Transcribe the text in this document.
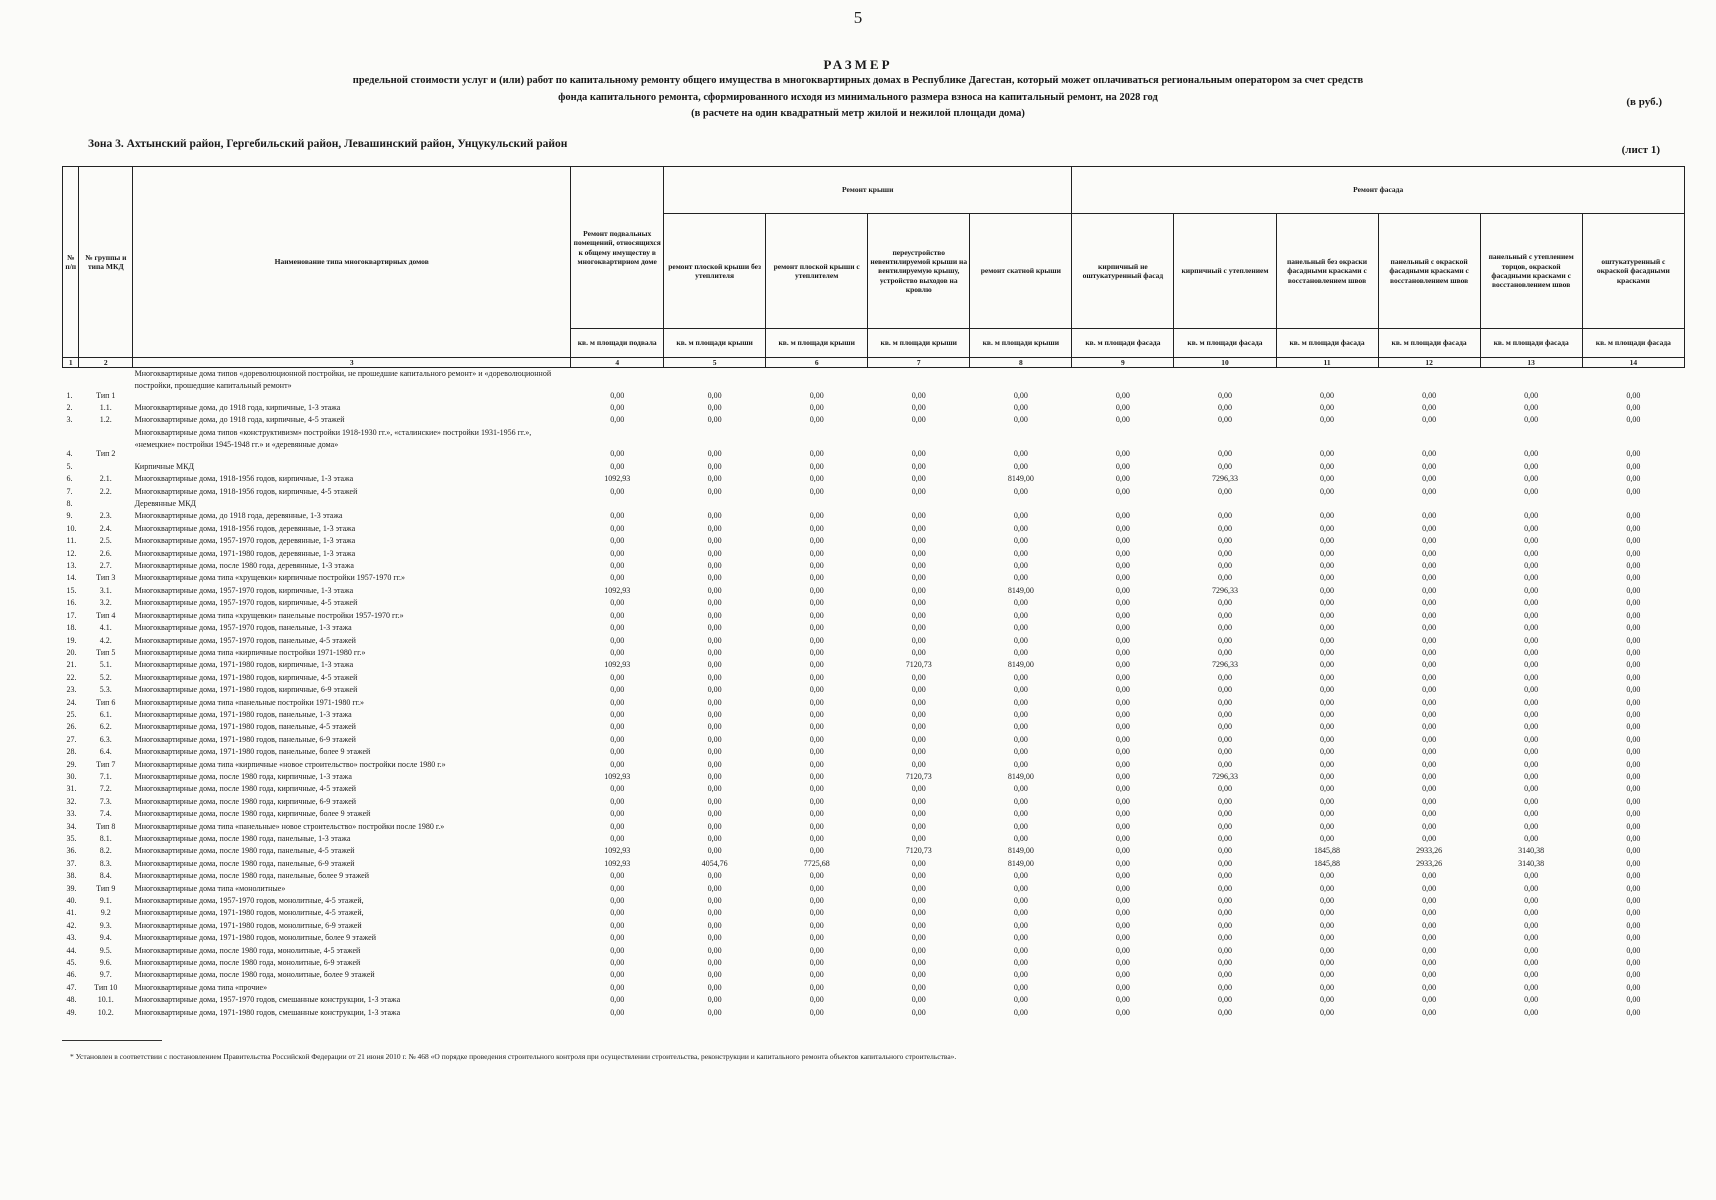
5
РАЗМЕР
предельной стоимости услуг и (или) работ по капитальному ремонту общего имущества в многоквартирных домах в Республике Дагестан, который может оплачиваться региональным оператором за счет средств
фонда капитального ремонта, сформированного исходя из минимального размера взноса на капитальный ремонт, на 2028 год
(в расчете на один квадратный метр жилой и нежилой площади дома)
(в руб.)
Зона 3. Ахтынский район, Гергебильский район, Левашинский район, Унцукульский район	(лист 1)
№ п/п	№ группы и типа МКД	Наименование типа многоквартирных домов	Ремонт подвальных помещений, относящихся к общему имуществу в многоквартирном доме	Ремонт крыши				Ремонт фасада					
				ремонт плоской крыши без утеплителя	ремонт плоской крыши с утеплителем	переустройство невентилируемой крыши на вентилируемую крышу, устройство выходов на кровлю	ремонт скатной крыши	кирпичный не оштукатуренный фасад	кирпичный с утеплением	панельный без окраски фасадными красками с восстановлением швов	панельный с окраской фасадными красками с восстановлением швов	панельный с утеплением торцов, окраской фасадными красками с восстановлением швов	оштукатуренный с окраской фасадными красками
			кв. м площади подвала	кв. м площади крыши	кв. м площади крыши	кв. м площади крыши	кв. м площади крыши	кв. м площади фасада	кв. м площади фасада	кв. м площади фасада	кв. м площади фасада	кв. м площади фасада	кв. м площади фасада
1	2	3	4	5	6	7	8	9	10	11	12	13	14
1.	Тип 1	Многоквартирные дома типов «дореволюционной постройки, не прошедшие капитального ремонт» и «дореволюционной постройки, прошедшие капитальный ремонт»	0,00	0,00	0,00	0,00	0,00	0,00	0,00	0,00	0,00	0,00	0,00
2.	1.1.	Многоквартирные дома, до 1918 года, кирпичные, 1-3 этажа	0,00	0,00	0,00	0,00	0,00	0,00	0,00	0,00	0,00	0,00	0,00
3.	1.2.	Многоквартирные дома, до 1918 года, кирпичные, 4-5 этажей	0,00	0,00	0,00	0,00	0,00	0,00	0,00	0,00	0,00	0,00	0,00
4.	Тип 2	Многоквартирные дома типов «конструктивизм» постройки 1918-1930 гг.», «сталинские» постройки 1931-1956 гг.», «немецкие» постройки 1945-1948 гг.» и «деревянные дома»	0,00	0,00	0,00	0,00	0,00	0,00	0,00	0,00	0,00	0,00	0,00
5.		Кирпичные МКД	0,00	0,00	0,00	0,00	0,00	0,00	0,00	0,00	0,00	0,00	0,00
6.	2.1.	Многоквартирные дома, 1918-1956 годов, кирпичные, 1-3 этажа	1092,93	0,00	0,00	0,00	8149,00	0,00	7296,33	0,00	0,00	0,00	0,00
7.	2.2.	Многоквартирные дома, 1918-1956 годов, кирпичные, 4-5 этажей	0,00	0,00	0,00	0,00	0,00	0,00	0,00	0,00	0,00	0,00	0,00
8.		Деревянные МКД											
9.	2.3.	Многоквартирные дома, до 1918 года, деревянные, 1-3 этажа	0,00	0,00	0,00	0,00	0,00	0,00	0,00	0,00	0,00	0,00	0,00
10.	2.4.	Многоквартирные дома, 1918-1956 годов, деревянные, 1-3 этажа	0,00	0,00	0,00	0,00	0,00	0,00	0,00	0,00	0,00	0,00	0,00
11.	2.5.	Многоквартирные дома, 1957-1970 годов, деревянные, 1-3 этажа	0,00	0,00	0,00	0,00	0,00	0,00	0,00	0,00	0,00	0,00	0,00
12.	2.6.	Многоквартирные дома, 1971-1980 годов, деревянные, 1-3 этажа	0,00	0,00	0,00	0,00	0,00	0,00	0,00	0,00	0,00	0,00	0,00
13.	2.7.	Многоквартирные дома, после 1980 года, деревянные, 1-3 этажа	0,00	0,00	0,00	0,00	0,00	0,00	0,00	0,00	0,00	0,00	0,00
14.	Тип 3	Многоквартирные дома типа «хрущевки» кирпичные постройки 1957-1970 гг.»	0,00	0,00	0,00	0,00	0,00	0,00	0,00	0,00	0,00	0,00	0,00
15.	3.1.	Многоквартирные дома, 1957-1970 годов, кирпичные, 1-3 этажа	1092,93	0,00	0,00	0,00	8149,00	0,00	7296,33	0,00	0,00	0,00	0,00
16.	3.2.	Многоквартирные дома, 1957-1970 годов, кирпичные, 4-5 этажей	0,00	0,00	0,00	0,00	0,00	0,00	0,00	0,00	0,00	0,00	0,00
17.	Тип 4	Многоквартирные дома типа «хрущевки» панельные постройки 1957-1970 гг.»	0,00	0,00	0,00	0,00	0,00	0,00	0,00	0,00	0,00	0,00	0,00
18.	4.1.	Многоквартирные дома, 1957-1970 годов, панельные, 1-3 этажа	0,00	0,00	0,00	0,00	0,00	0,00	0,00	0,00	0,00	0,00	0,00
19.	4.2.	Многоквартирные дома, 1957-1970 годов, панельные, 4-5 этажей	0,00	0,00	0,00	0,00	0,00	0,00	0,00	0,00	0,00	0,00	0,00
20.	Тип 5	Многоквартирные дома типа «кирпичные постройки 1971-1980 гг.»	0,00	0,00	0,00	0,00	0,00	0,00	0,00	0,00	0,00	0,00	0,00
21.	5.1.	Многоквартирные дома, 1971-1980 годов, кирпичные, 1-3 этажа	1092,93	0,00	0,00	7120,73	8149,00	0,00	7296,33	0,00	0,00	0,00	0,00
22.	5.2.	Многоквартирные дома, 1971-1980 годов, кирпичные, 4-5 этажей	0,00	0,00	0,00	0,00	0,00	0,00	0,00	0,00	0,00	0,00	0,00
23.	5.3.	Многоквартирные дома, 1971-1980 годов, кирпичные, 6-9 этажей	0,00	0,00	0,00	0,00	0,00	0,00	0,00	0,00	0,00	0,00	0,00
24.	Тип 6	Многоквартирные дома типа «панельные постройки 1971-1980 гг.»	0,00	0,00	0,00	0,00	0,00	0,00	0,00	0,00	0,00	0,00	0,00
25.	6.1.	Многоквартирные дома, 1971-1980 годов, панельные, 1-3 этажа	0,00	0,00	0,00	0,00	0,00	0,00	0,00	0,00	0,00	0,00	0,00
26.	6.2.	Многоквартирные дома, 1971-1980 годов, панельные, 4-5 этажей	0,00	0,00	0,00	0,00	0,00	0,00	0,00	0,00	0,00	0,00	0,00
27.	6.3.	Многоквартирные дома, 1971-1980 годов, панельные, 6-9 этажей	0,00	0,00	0,00	0,00	0,00	0,00	0,00	0,00	0,00	0,00	0,00
28.	6.4.	Многоквартирные дома, 1971-1980 годов, панельные, более 9 этажей	0,00	0,00	0,00	0,00	0,00	0,00	0,00	0,00	0,00	0,00	0,00
29.	Тип 7	Многоквартирные дома типа «кирпичные «новое строительство» постройки после 1980 г.»	0,00	0,00	0,00	0,00	0,00	0,00	0,00	0,00	0,00	0,00	0,00
30.	7.1.	Многоквартирные дома, после 1980 года, кирпичные, 1-3 этажа	1092,93	0,00	0,00	7120,73	8149,00	0,00	7296,33	0,00	0,00	0,00	0,00
31.	7.2.	Многоквартирные дома, после 1980 года, кирпичные, 4-5 этажей	0,00	0,00	0,00	0,00	0,00	0,00	0,00	0,00	0,00	0,00	0,00
32.	7.3.	Многоквартирные дома, после 1980 года, кирпичные, 6-9 этажей	0,00	0,00	0,00	0,00	0,00	0,00	0,00	0,00	0,00	0,00	0,00
33.	7.4.	Многоквартирные дома, после 1980 года, кирпичные, более 9 этажей	0,00	0,00	0,00	0,00	0,00	0,00	0,00	0,00	0,00	0,00	0,00
34.	Тип 8	Многоквартирные дома типа «панельные» новое строительство» постройки после 1980 г.»	0,00	0,00	0,00	0,00	0,00	0,00	0,00	0,00	0,00	0,00	0,00
35.	8.1.	Многоквартирные дома, после 1980 года, панельные, 1-3 этажа	0,00	0,00	0,00	0,00	0,00	0,00	0,00	0,00	0,00	0,00	0,00
36.	8.2.	Многоквартирные дома, после 1980 года, панельные, 4-5 этажей	1092,93	0,00	0,00	7120,73	8149,00	0,00	0,00	1845,88	2933,26	3140,38	0,00
37.	8.3.	Многоквартирные дома, после 1980 года, панельные, 6-9 этажей	1092,93	4054,76	7725,68	0,00	8149,00	0,00	0,00	1845,88	2933,26	3140,38	0,00
38.	8.4.	Многоквартирные дома, после 1980 года, панельные, более 9 этажей	0,00	0,00	0,00	0,00	0,00	0,00	0,00	0,00	0,00	0,00	0,00
39.	Тип 9	Многоквартирные дома типа «монолитные»	0,00	0,00	0,00	0,00	0,00	0,00	0,00	0,00	0,00	0,00	0,00
40.	9.1.	Многоквартирные дома, 1957-1970 годов, монолитные, 4-5 этажей,	0,00	0,00	0,00	0,00	0,00	0,00	0,00	0,00	0,00	0,00	0,00
41.	9.2	Многоквартирные дома, 1971-1980 годов, монолитные, 4-5 этажей,	0,00	0,00	0,00	0,00	0,00	0,00	0,00	0,00	0,00	0,00	0,00
42.	9.3.	Многоквартирные дома, 1971-1980 годов, монолитные, 6-9 этажей	0,00	0,00	0,00	0,00	0,00	0,00	0,00	0,00	0,00	0,00	0,00
43.	9.4.	Многоквартирные дома, 1971-1980 годов, монолитные, более 9 этажей	0,00	0,00	0,00	0,00	0,00	0,00	0,00	0,00	0,00	0,00	0,00
44.	9.5.	Многоквартирные дома, после 1980 года, монолитные, 4-5 этажей	0,00	0,00	0,00	0,00	0,00	0,00	0,00	0,00	0,00	0,00	0,00
45.	9.6.	Многоквартирные дома, после 1980 года, монолитные, 6-9 этажей	0,00	0,00	0,00	0,00	0,00	0,00	0,00	0,00	0,00	0,00	0,00
46.	9.7.	Многоквартирные дома, после 1980 года, монолитные, более 9 этажей	0,00	0,00	0,00	0,00	0,00	0,00	0,00	0,00	0,00	0,00	0,00
47.	Тип 10	Многоквартирные дома типа «прочие»	0,00	0,00	0,00	0,00	0,00	0,00	0,00	0,00	0,00	0,00	0,00
48.	10.1.	Многоквартирные дома, 1957-1970 годов, смешанные конструкции, 1-3 этажа	0,00	0,00	0,00	0,00	0,00	0,00	0,00	0,00	0,00	0,00	0,00
49.	10.2.	Многоквартирные дома, 1971-1980 годов, смешанные конструкции, 1-3 этажа	0,00	0,00	0,00	0,00	0,00	0,00	0,00	0,00	0,00	0,00	0,00
* Установлен в соответствии с постановлением Правительства Российской Федерации от 21 июня 2010 г. № 468 «О порядке проведения строительного контроля при осуществлении строительства, реконструкции и капитального ремонта объектов капитального строительства».
